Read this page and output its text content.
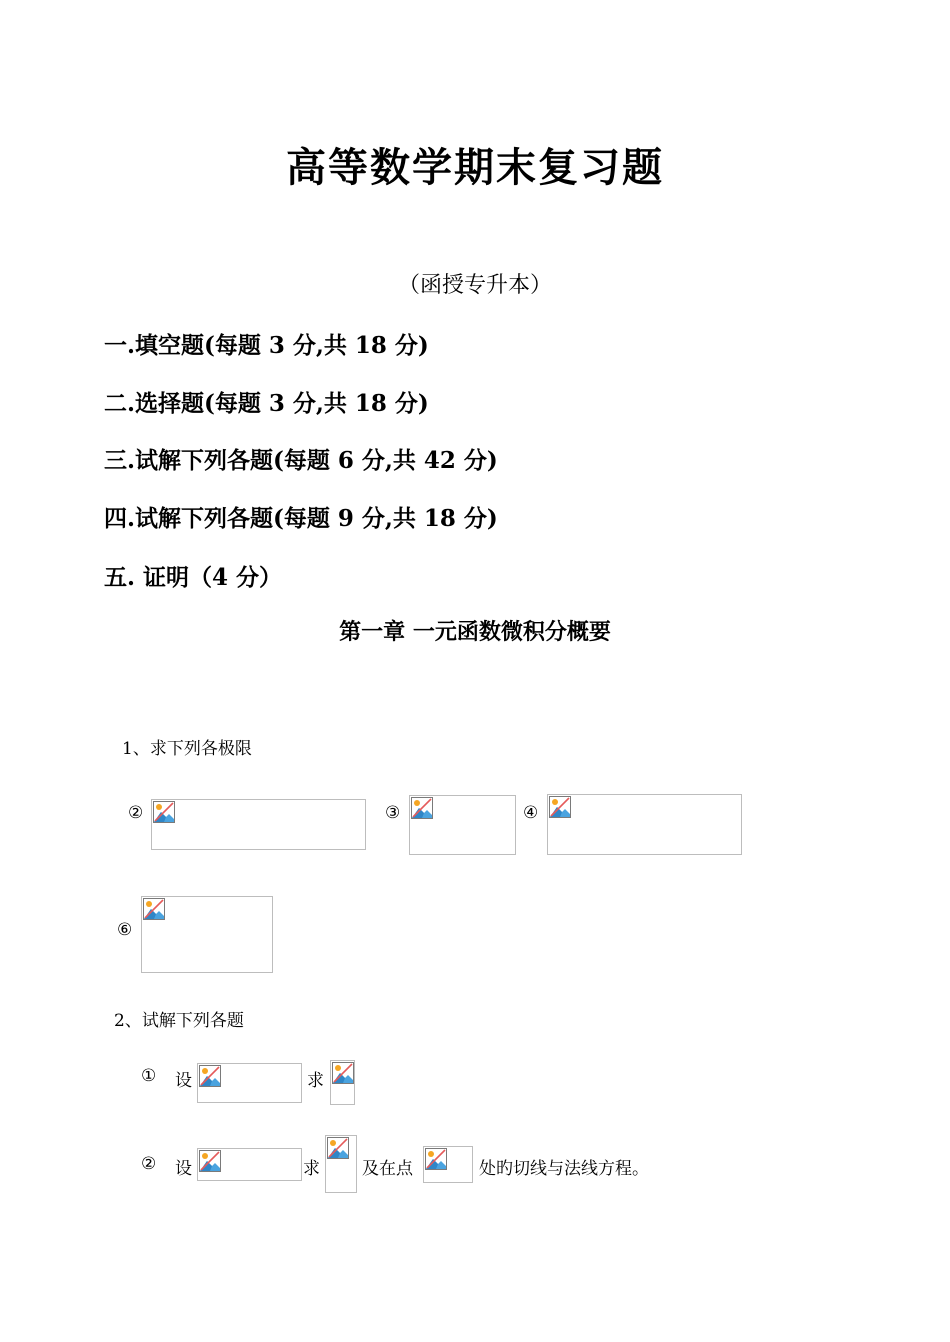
高等数学期末复习题
（函授专升本）
一.填空题(每题 3 分,共 18 分)
二.选择题(每题 3 分,共 18 分)
三.试解下列各题(每题 6 分,共 42 分)
四.试解下列各题(每题 9 分,共 18 分)
五. 证明（4 分）
第一章 一元函数微积分概要
1、求下列各极限
②	③	④
⑥
2、试解下列各题
① 设	求
② 设	求 及在点	处旳切线与法线方程。
